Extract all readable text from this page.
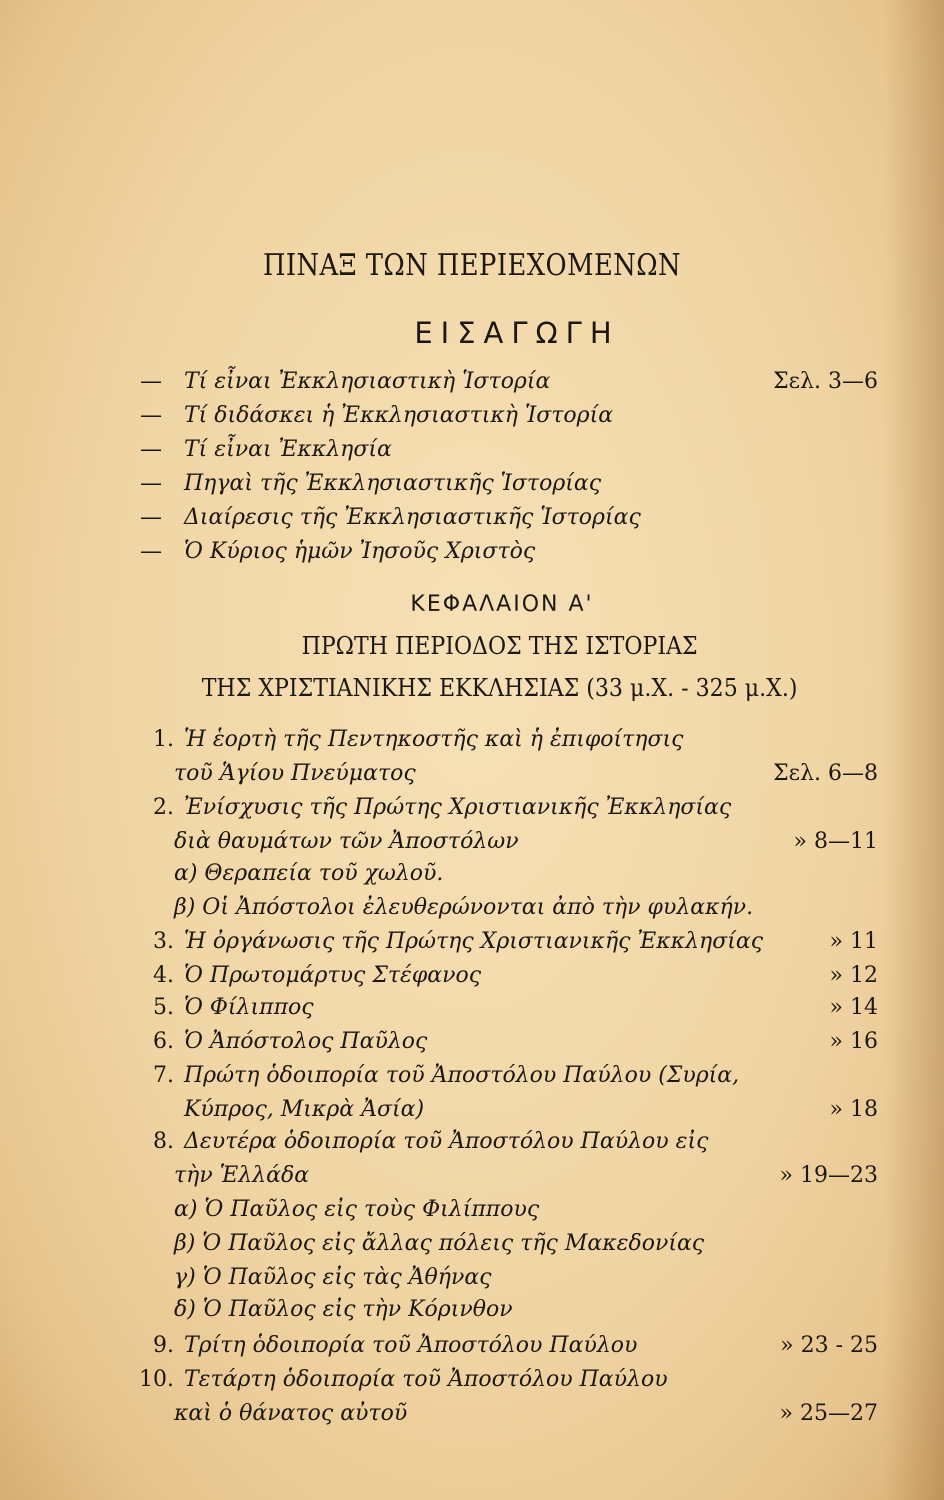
ΠΙΝΑΞ ΤΩΝ ΠΕΡΙΕΧΟΜΕΝΩΝ
ΕΙΣΑΓΩΓΗ
— Τί εἶναι Ἐκκλησιαστικὴ Ἱστορία	Σελ. 3—6
— Τί διδάσκει ἡ Ἐκκλησιαστικὴ Ἱστορία
— Τί εἶναι Ἐκκλησία
— Πηγαὶ τῆς Ἐκκλησιαστικῆς Ἱστορίας
— Διαίρεσις τῆς Ἐκκλησιαστικῆς Ἱστορίας
— Ὁ Κύριος ἡμῶν Ἰησοῦς Χριστὸς
ΚΕΦΑΛΑΙΟΝ Α'
ΠΡΩΤΗ ΠΕΡΙΟΔΟΣ ΤΗΣ ΙΣΤΟΡΙΑΣ
ΤΗΣ ΧΡΙΣΤΙΑΝΙΚΗΣ ΕΚΚΛΗΣΙΑΣ (33 μ.Χ. - 325 μ.Χ.)
1. Ἡ ἑορτὴ τῆς Πεντηκοστῆς καὶ ἡ ἐπιφοίτησις
τοῦ Ἁγίου Πνεύματος	Σελ. 6—8
2. Ἐνίσχυσις τῆς Πρώτης Χριστιανικῆς Ἐκκλησίας
διὰ θαυμάτων τῶν Ἀποστόλων	» 8—11
α) Θεραπεία τοῦ χωλοῦ.
β) Οἱ Ἀπόστολοι ἐλευθερώνονται ἀπὸ τὴν φυλακήν.
3. Ἡ ὀργάνωσις τῆς Πρώτης Χριστιανικῆς Ἐκκλησίας	» 11
4. Ὁ Πρωτομάρτυς Στέφανος	» 12
5. Ὁ Φίλιππος	» 14
6. Ὁ Ἀπόστολος Παῦλος	» 16
7. Πρώτη ὁδοιπορία τοῦ Ἀποστόλου Παύλου (Συρία,
Κύπρος, Μικρὰ Ἀσία)	» 18
8. Δευτέρα ὁδοιπορία τοῦ Ἀποστόλου Παύλου εἰς
τὴν Ἑλλάδα	» 19—23
α) Ὁ Παῦλος εἰς τοὺς Φιλίππους
β) Ὁ Παῦλος εἰς ἄλλας πόλεις τῆς Μακεδονίας
γ) Ὁ Παῦλος εἰς τὰς Ἀθήνας
δ) Ὁ Παῦλος εἰς τὴν Κόρινθον
9. Τρίτη ὁδοιπορία τοῦ Ἀποστόλου Παύλου	» 23 - 25
10. Τετάρτη ὁδοιπορία τοῦ Ἀποστόλου Παύλου
καὶ ὁ θάνατος αὐτοῦ	» 25—27
